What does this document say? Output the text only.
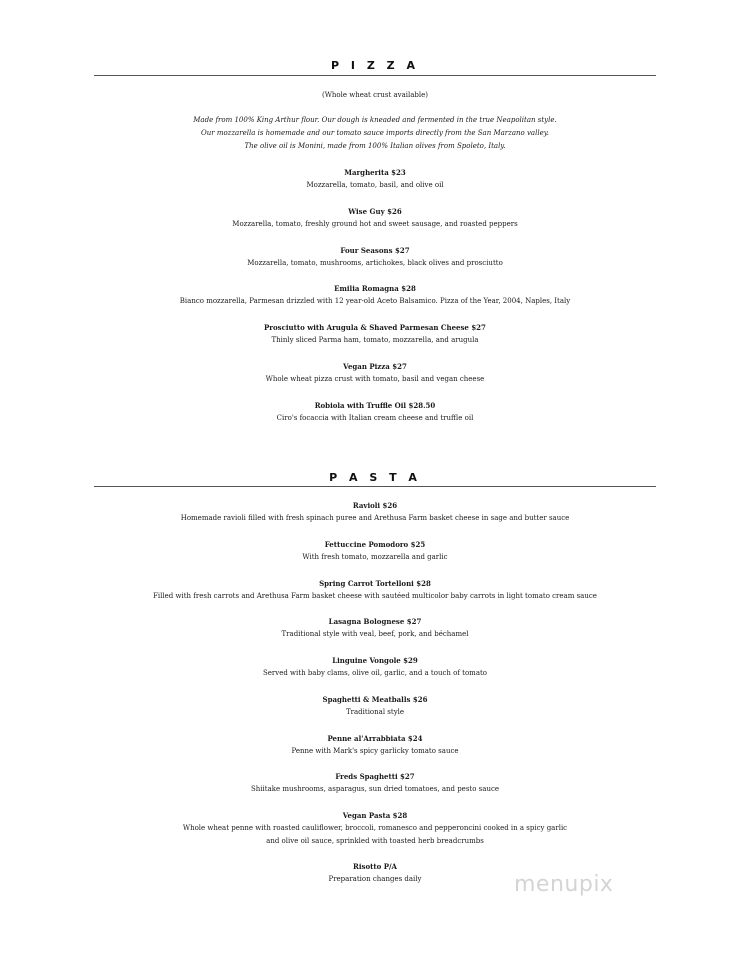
P I Z Z A
(Whole wheat crust available)
Made from 100% King Arthur flour. Our dough is kneaded and fermented in the true Neapolitan style.
Our mozzarella is homemade and our tomato sauce imports directly from the San Marzano valley.
The olive oil is Monini, made from 100% Italian olives from Spoleto, Italy.
Margherita $23
Mozzarella, tomato, basil, and olive oil
Wise Guy $26
Mozzarella, tomato, freshly ground hot and sweet sausage, and roasted peppers
Four Seasons $27
Mozzarella, tomato, mushrooms, artichokes, black olives and prosciutto
Emilia Romagna $28
Bianco mozzarella, Parmesan drizzled with 12 year-old Aceto Balsamico. Pizza of the Year, 2004, Naples, Italy
Prosciutto with Arugula & Shaved Parmesan Cheese $27
Thinly sliced Parma ham, tomato, mozzarella, and arugula
Vegan Pizza $27
Whole wheat pizza crust with tomato, basil and vegan cheese
Robiola with Truffle Oil $28.50
Ciro's focaccia with Italian cream cheese and truffle oil
P A S T A
Ravioli $26
Homemade ravioli filled with fresh spinach puree and Arethusa Farm basket cheese in sage and butter sauce
Fettuccine Pomodoro $25
With fresh tomato, mozzarella and garlic
Spring Carrot Tortelloni $28
Filled with fresh carrots and Arethusa Farm basket cheese with sautéed multicolor baby carrots in light tomato cream sauce
Lasagna Bolognese $27
Traditional style with veal, beef, pork, and béchamel
Linguine Vongole $29
Served with baby clams, olive oil, garlic, and a touch of tomato
Spaghetti & Meatballs $26
Traditional style
Penne al'Arrabbiata $24
Penne with Mark's spicy garlicky tomato sauce
Freds Spaghetti $27
Shiitake mushrooms, asparagus, sun dried tomatoes, and pesto sauce
Vegan Pasta $28
Whole wheat penne with roasted cauliflower, broccoli, romanesco and pepperoncini cooked in a spicy garlic
and olive oil sauce, sprinkled with toasted herb breadcrumbs
Risotto P/A
Preparation changes daily	menupix
